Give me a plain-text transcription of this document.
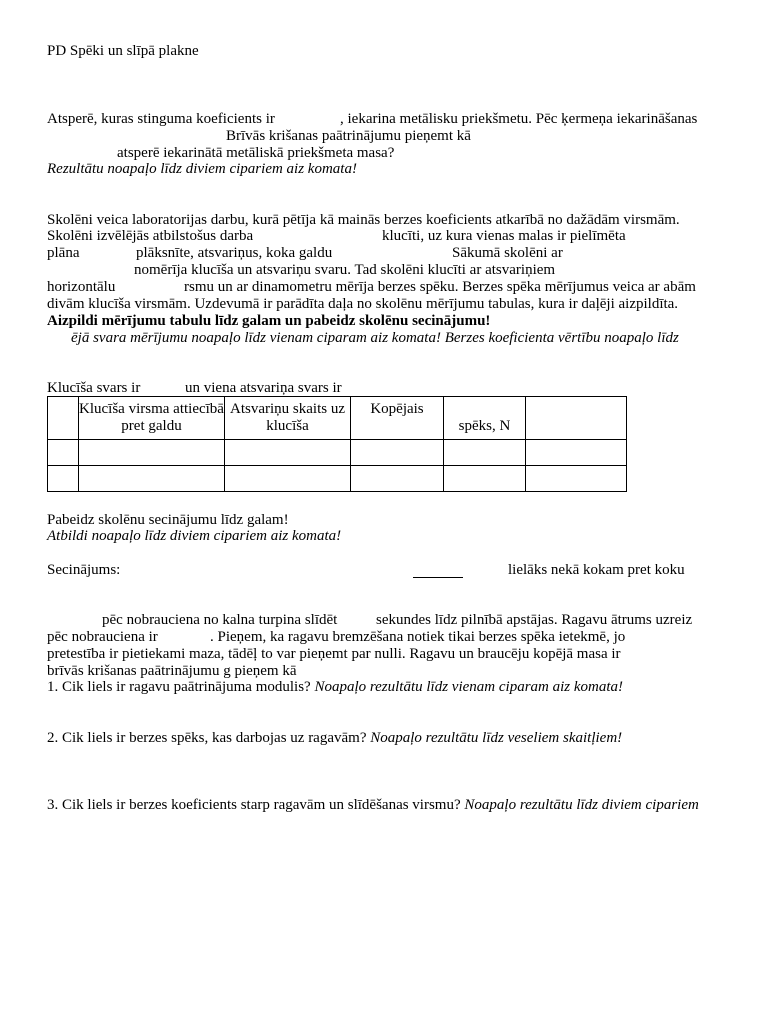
PD Spēki un slīpā plakne
Atsperē, kuras stinguma koeficients ir	, iekarina metālisku priekšmetu. Pēc ķermeņa iekarināšanas
Brīvās krišanas paātrinājumu pieņemt kā
atsperē iekarinātā metāliskā priekšmeta masa?
Rezultātu noapaļo līdz diviem cipariem aiz komata!
Skolēni veica laboratorijas darbu, kurā pētīja kā mainās berzes koeficients atkarībā no dažādām virsmām.
Skolēni izvēlējās atbilstošus darba	klucīti, uz kura vienas malas ir pielīmēta
plāna	plāksnīte, atsvariņus, koka galdu	Sākumā skolēni ar
nomērīja klucīša un atsvariņu svaru. Tad skolēni klucīti ar atsvariņiem
horizontālu	rsmu un ar dinamometru mērīja berzes spēku. Berzes spēka mērījumus veica ar abām
divām klucīša virsmām. Uzdevumā ir parādīta daļa no skolēnu mērījumu tabulas, kura ir daļēji aizpildīta.
Aizpildi mērījumu tabulu līdz galam un pabeidz skolēnu secinājumu!
ējā svara mērījumu noapaļo līdz vienam ciparam aiz komata! Berzes koeficienta vērtību noapaļo līdz
Klucīša svars ir	un viena atsvariņa svars ir

	Klucīša virsma attiecībā pret galdu	Atsvariņu skaits uz klucīša	Kopējais	spēks, N	

Pabeidz skolēnu secinājumu līdz galam!
Atbildi noapaļo līdz diviem cipariem aiz komata!
Secinājums:	lielāks nekā kokam pret koku
pēc nobrauciena no kalna turpina slīdēt	sekundes līdz pilnībā apstājas. Ragavu ātrums uzreiz
pēc nobrauciena ir	. Pieņem, ka ragavu bremzēšana notiek tikai berzes spēka ietekmē, jo
pretestība ir pietiekami maza, tādēļ to var pieņemt par nulli. Ragavu un braucēju kopējā masa ir
brīvās krišanas paātrinājumu g pieņem kā
1. Cik liels ir ragavu paātrinājuma modulis? Noapaļo rezultātu līdz vienam ciparam aiz komata!
2. Cik liels ir berzes spēks, kas darbojas uz ragavām? Noapaļo rezultātu līdz veseliem skaitļiem!
3. Cik liels ir berzes koeficients starp ragavām un slīdēšanas virsmu? Noapaļo rezultātu līdz diviem cipariem
